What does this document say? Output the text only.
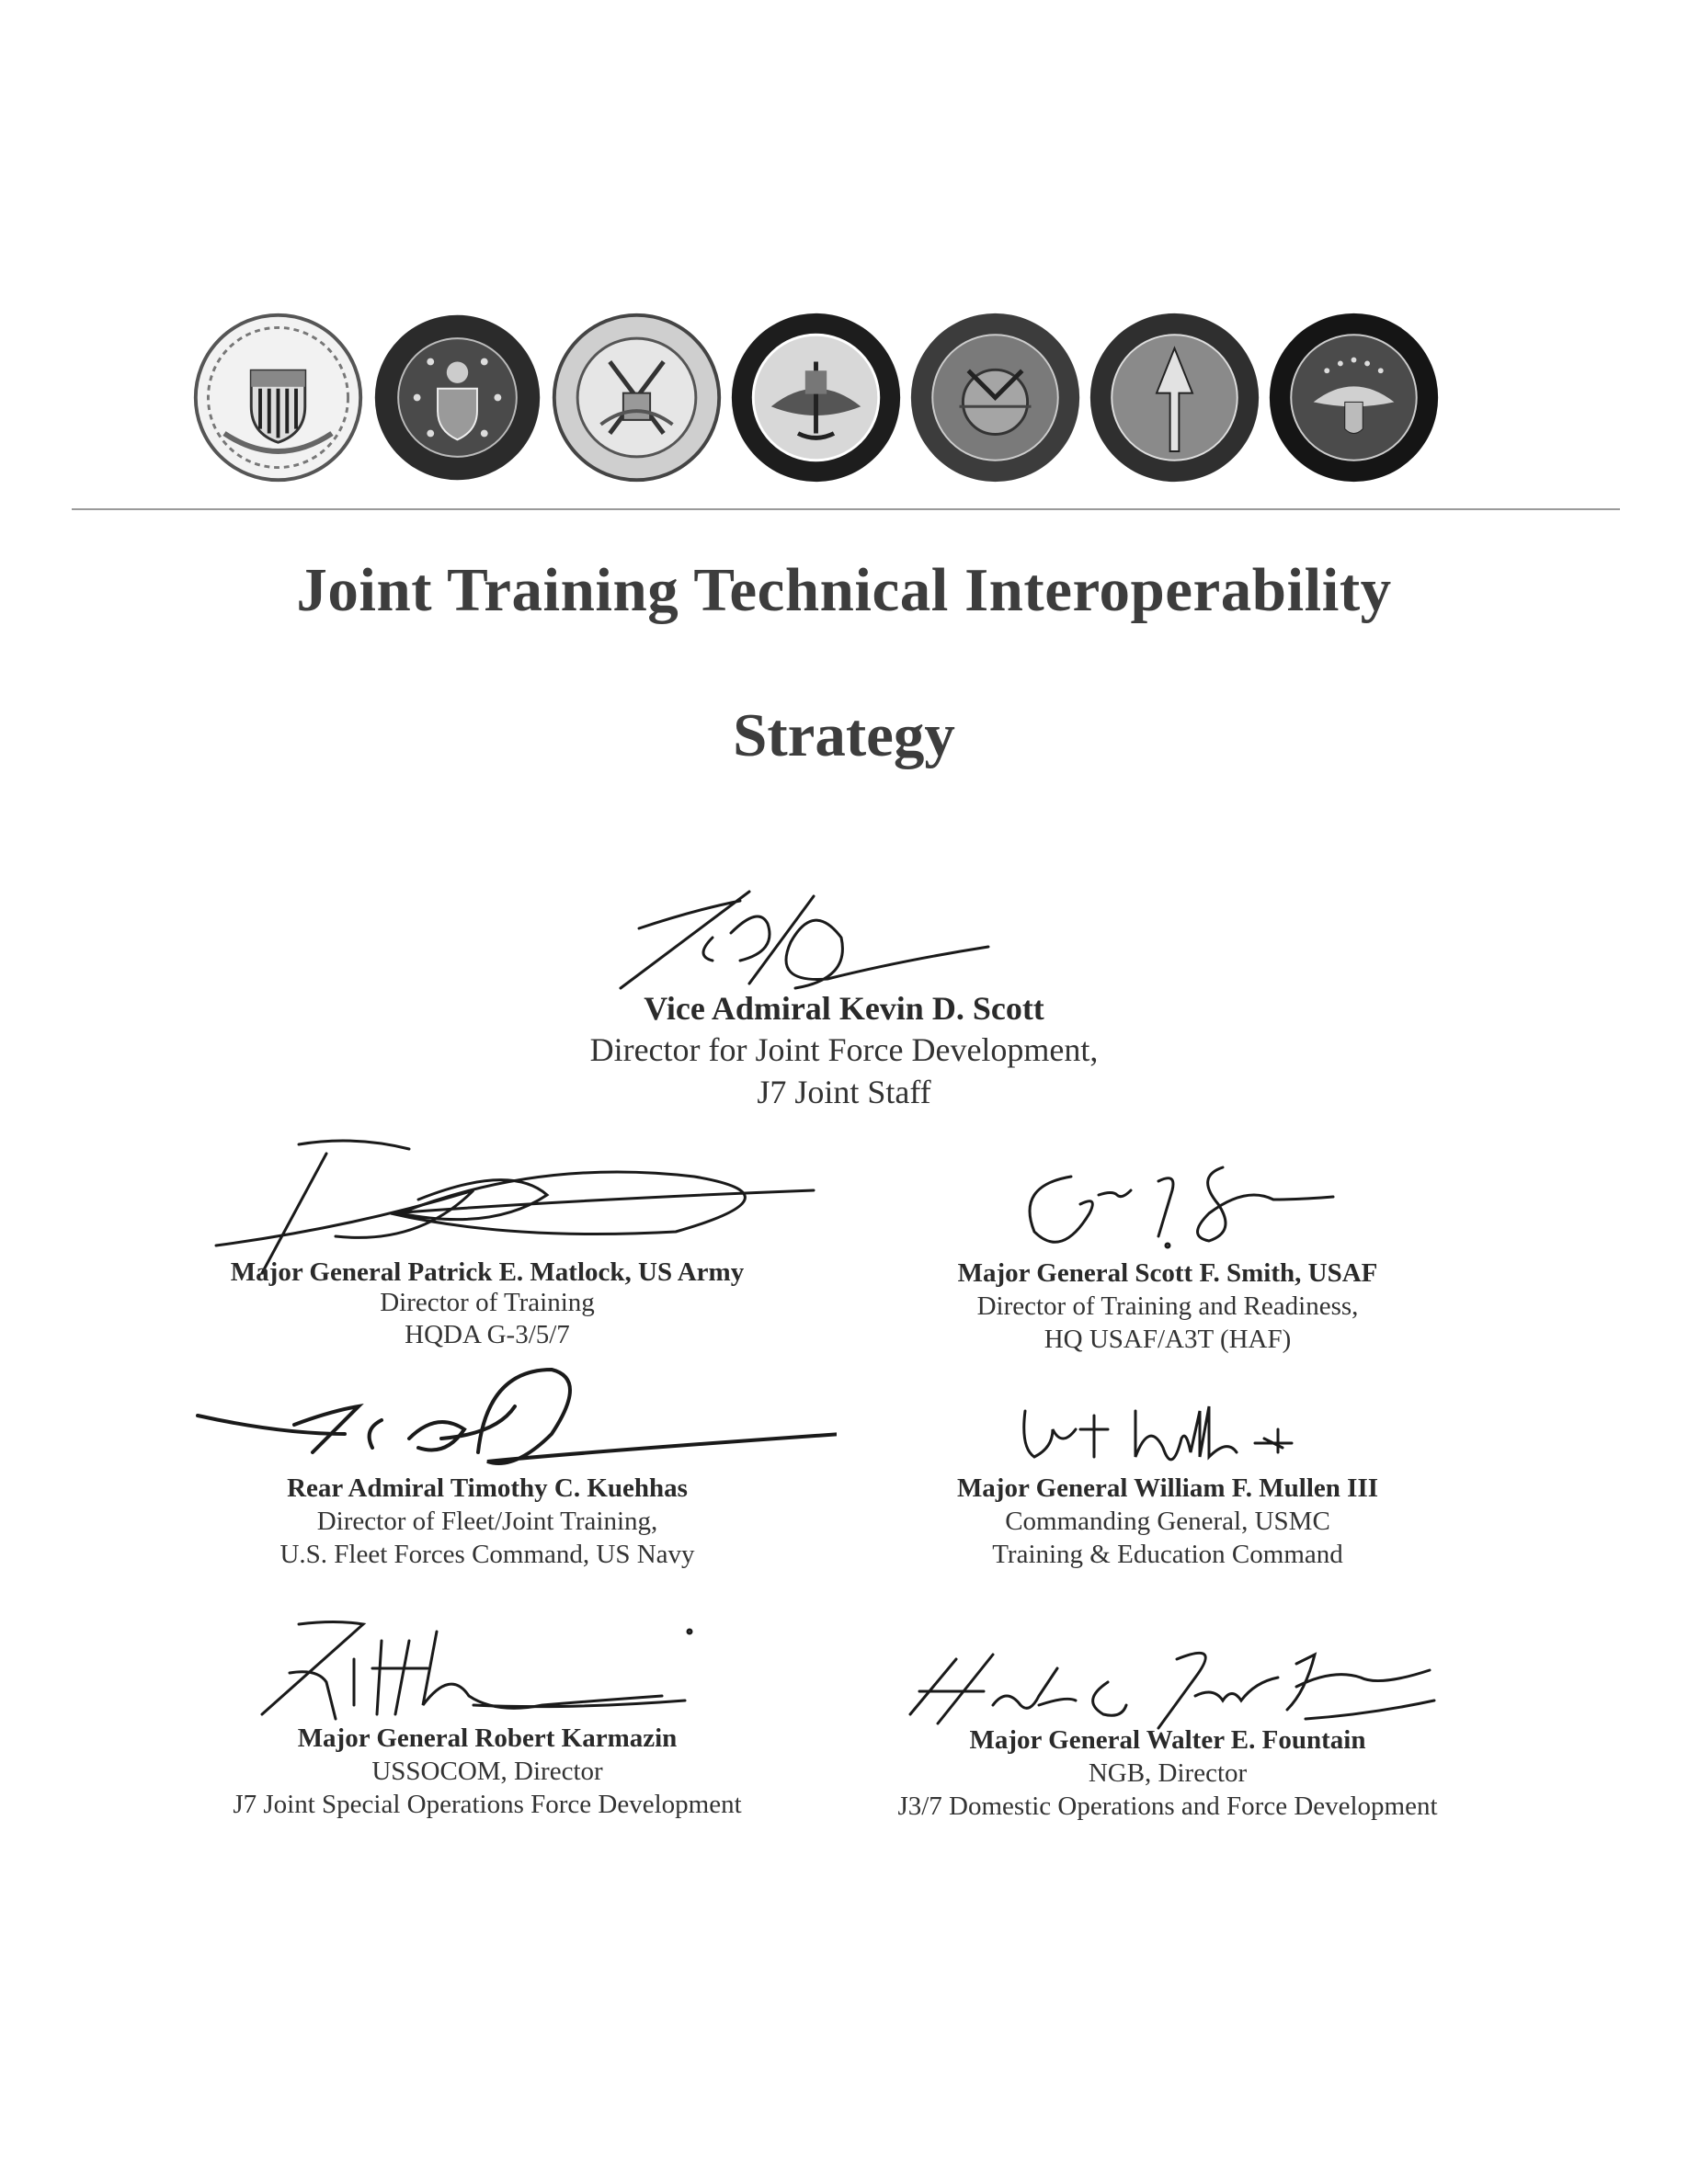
Joint Training Technical Interoperability
Strategy
Vice Admiral Kevin D. Scott
Director for Joint Force Development,
J7 Joint Staff
Major General Patrick E. Matlock, US Army
Director of Training
HQDA G-3/5/7
Major General Scott F. Smith, USAF
Director of Training and Readiness,
HQ USAF/A3T (HAF)
Rear Admiral Timothy C. Kuehhas
Director of Fleet/Joint Training,
U.S. Fleet Forces Command, US Navy
Major General William F. Mullen III
Commanding General, USMC
Training & Education Command
Major General Robert Karmazin
USSOCOM, Director
J7 Joint Special Operations Force Development
Major General Walter E. Fountain
NGB, Director
J3/7 Domestic Operations and Force Development
